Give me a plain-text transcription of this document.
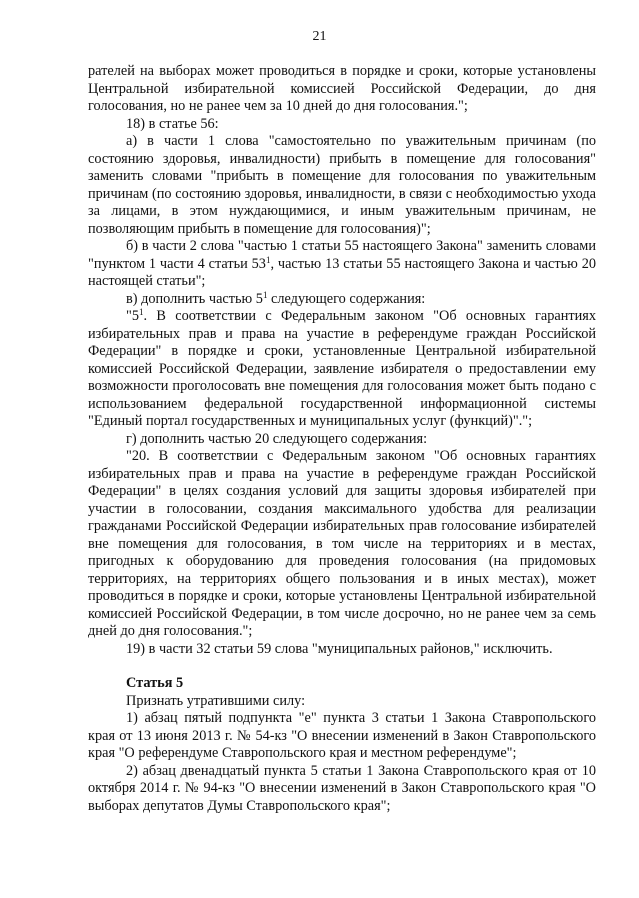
21

рателей на выборах может проводиться в порядке и сроки, которые установлены Центральной избирательной комиссией Российской Федерации, до дня голосования, но не ранее чем за 10 дней до дня голосования.";

18) в статье 56:

а) в части 1 слова "самостоятельно по уважительным причинам (по состоянию здоровья, инвалидности) прибыть в помещение для голосования" заменить словами "прибыть в помещение для голосования по уважительным причинам (по состоянию здоровья, инвалидности, в связи с необходимостью ухода за лицами, в этом нуждающимися, и иным уважительным причинам, не позволяющим прибыть в помещение для голосования)";

б) в части 2 слова "частью 1 статьи 55 настоящего Закона" заменить словами "пунктом 1 части 4 статьи $53^1$, частью 13 статьи 55 настоящего Закона и частью 20 настоящей статьи";

в) дополнить частью $5^1$ следующего содержания:

"$5^1$. В соответствии с Федеральным законом "Об основных гарантиях избирательных прав и права на участие в референдуме граждан Российской Федерации" в порядке и сроки, установленные Центральной избирательной комиссией Российской Федерации, заявление избирателя о предоставлении ему возможности проголосовать вне помещения для голосования может быть подано с использованием федеральной государственной информационной системы "Единый портал государственных и муниципальных услуг (функций)".";

г) дополнить частью 20 следующего содержания:

"20. В соответствии с Федеральным законом "Об основных гарантиях избирательных прав и права на участие в референдуме граждан Российской Федерации" в целях создания условий для защиты здоровья избирателей при участии в голосовании, создания максимального удобства для реализации гражданами Российской Федерации избирательных прав голосование избирателей вне помещения для голосования, в том числе на территориях и в местах, пригодных к оборудованию для проведения голосования (на придомовых территориях, на территориях общего пользования и в иных местах), может проводиться в порядке и сроки, которые установлены Центральной избирательной комиссией Российской Федерации, в том числе досрочно, но не ранее чем за семь дней до дня голосования.";

19) в части 32 статьи 59 слова "муниципальных районов," исключить.

Статья 5

Признать утратившими силу:

1) абзац пятый подпункта "е" пункта 3 статьи 1 Закона Ставропольского края от 13 июня 2013 г. № 54-кз "О внесении изменений в Закон Ставропольского края "О референдуме Ставропольского края и местном референдуме";

2) абзац двенадцатый пункта 5 статьи 1 Закона Ставропольского края от 10 октября 2014 г. № 94-кз "О внесении изменений в Закон Ставропольского края "О выборах депутатов Думы Ставропольского края";
